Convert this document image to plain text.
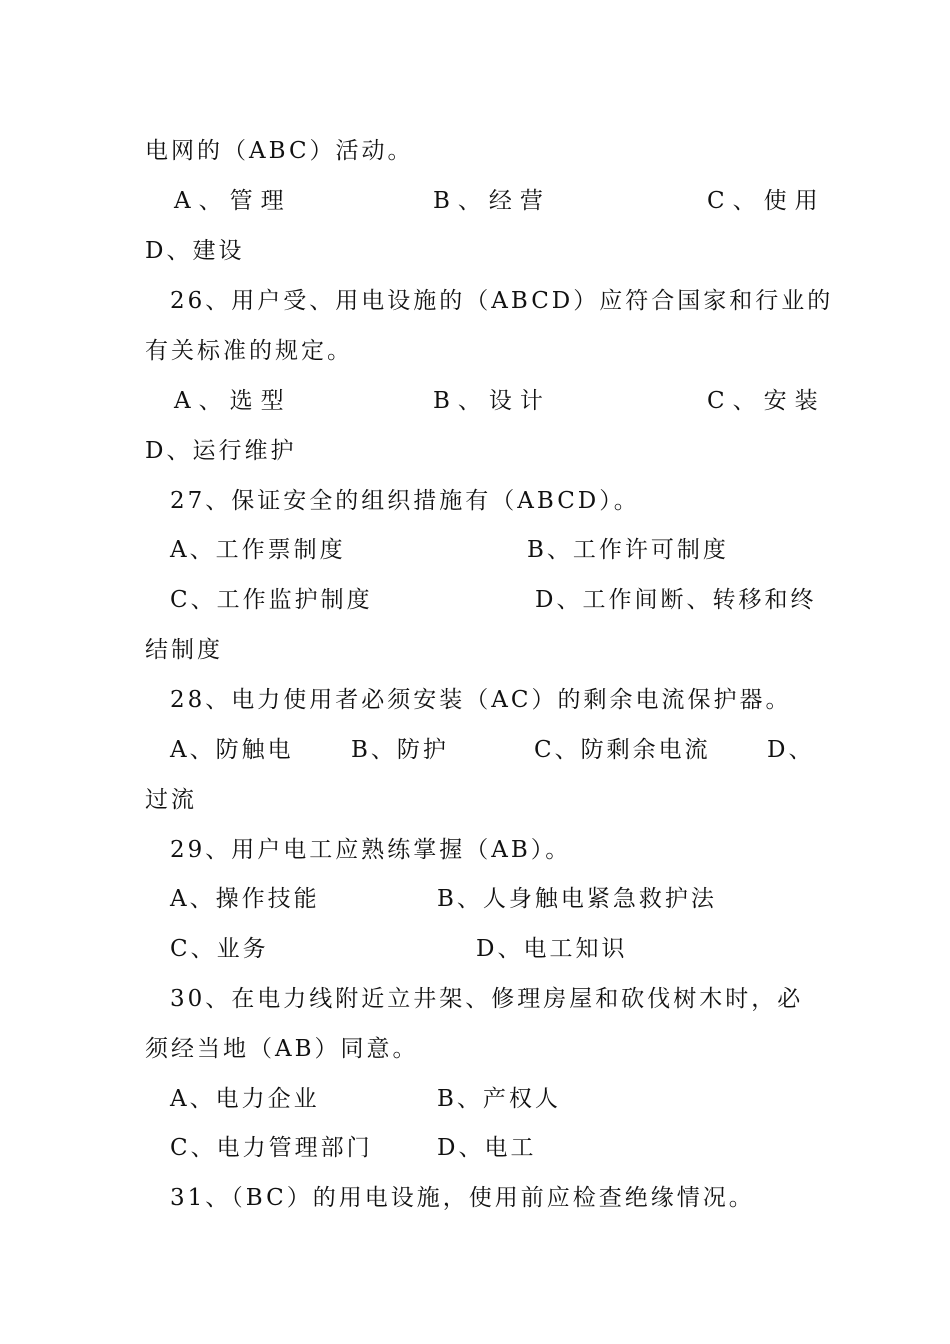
电网的（ABC）活动。
A、管理	B、经营	C、使用
D、建设
26、用户受、用电设施的（ABCD）应符合国家和行业的
有关标准的规定。
A、选型	B、设计	C、安装
D、运行维护
27、保证安全的组织措施有（ABCD）。
A、工作票制度	B、工作许可制度
C、工作监护制度	D、工作间断、转移和终
结制度
28、电力使用者必须安装（AC）的剩余电流保护器。
A、防触电 B、防护	C、防剩余电流 D、
过流
29、用户电工应熟练掌握（AB）。
A、操作技能	B、人身触电紧急救护法
C、业务	D、电工知识
30、在电力线附近立井架、修理房屋和砍伐树木时，必
须经当地（AB）同意。
A、电力企业	B、产权人
C、电力管理部门	D、电工
31、（BC）的用电设施，使用前应检查绝缘情况。
